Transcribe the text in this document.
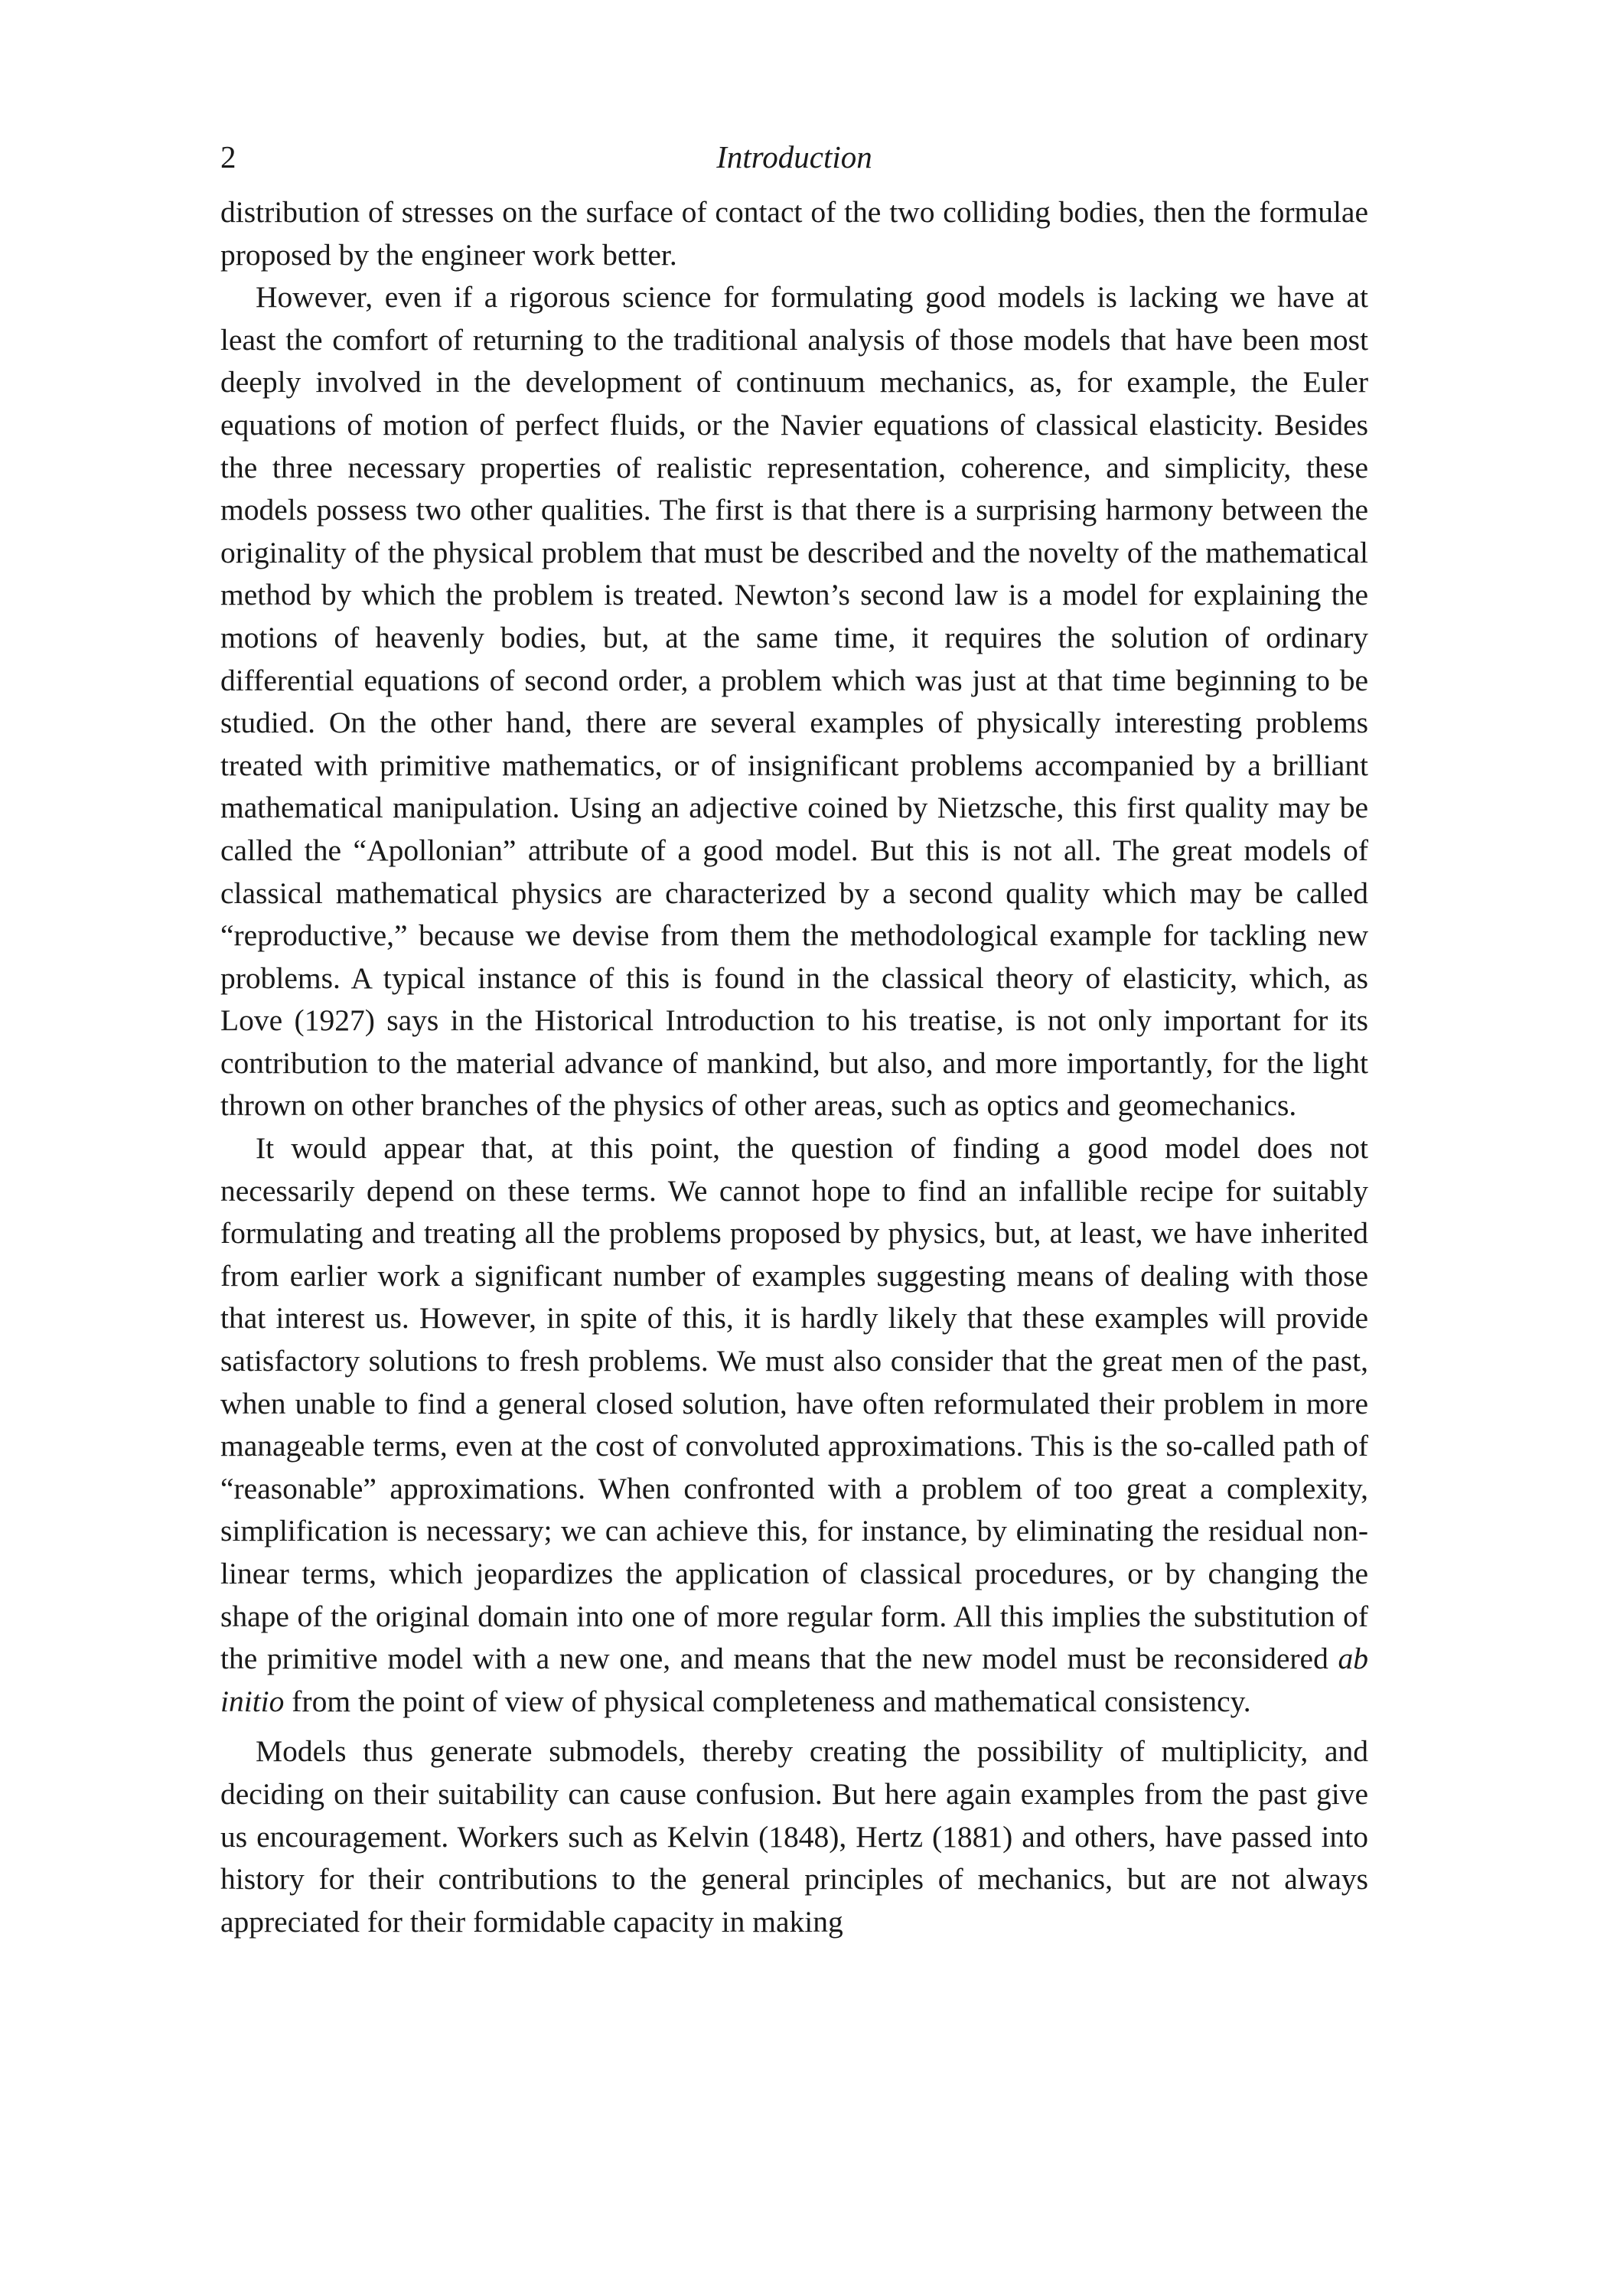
2	Introduction

distribution of stresses on the surface of contact of the two colliding bodies, then the formulae proposed by the engineer work better.

However, even if a rigorous science for formulating good models is lacking we have at least the comfort of returning to the traditional analysis of those models that have been most deeply involved in the development of continuum mechanics, as, for example, the Euler equations of motion of perfect fluids, or the Navier equations of classical elasticity. Besides the three necessary properties of realistic representation, coherence, and simplicity, these models possess two other qualities. The first is that there is a surprising harmony between the originality of the physical problem that must be described and the novelty of the mathematical method by which the problem is treated. Newton’s second law is a model for explaining the motions of heavenly bodies, but, at the same time, it requires the solution of ordinary differential equations of second order, a problem which was just at that time beginning to be studied. On the other hand, there are several examples of physically interesting problems treated with primitive mathematics, or of insignificant problems accompanied by a brilliant mathematical manipulation. Using an adjective coined by Nietzsche, this first quality may be called the “Apollonian” attribute of a good model. But this is not all. The great models of classical mathematical physics are characterized by a second quality which may be called “reproductive,” because we devise from them the methodological example for tackling new problems. A typical instance of this is found in the classical theory of elasticity, which, as Love (1927) says in the Historical Introduction to his treatise, is not only important for its contribution to the material advance of mankind, but also, and more importantly, for the light thrown on other branches of the physics of other areas, such as optics and geomechanics.

It would appear that, at this point, the question of finding a good model does not necessarily depend on these terms. We cannot hope to find an infallible recipe for suitably formulating and treating all the problems proposed by physics, but, at least, we have inherited from earlier work a significant number of examples suggesting means of dealing with those that interest us. However, in spite of this, it is hardly likely that these examples will provide satisfactory solutions to fresh problems. We must also consider that the great men of the past, when unable to find a general closed solution, have often reformulated their problem in more manageable terms, even at the cost of convoluted approximations. This is the so-called path of “reasonable” approximations. When confronted with a problem of too great a complexity, simplification is necessary; we can achieve this, for instance, by eliminating the residual non-linear terms, which jeopardizes the application of classical procedures, or by changing the shape of the original domain into one of more regular form. All this implies the substitution of the primitive model with a new one, and means that the new model must be reconsidered ab initio from the point of view of physical completeness and mathematical consistency.

Models thus generate submodels, thereby creating the possibility of multiplicity, and deciding on their suitability can cause confusion. But here again examples from the past give us encouragement. Workers such as Kelvin (1848), Hertz (1881) and others, have passed into history for their contributions to the general principles of mechanics, but are not always appreciated for their formidable capacity in making
